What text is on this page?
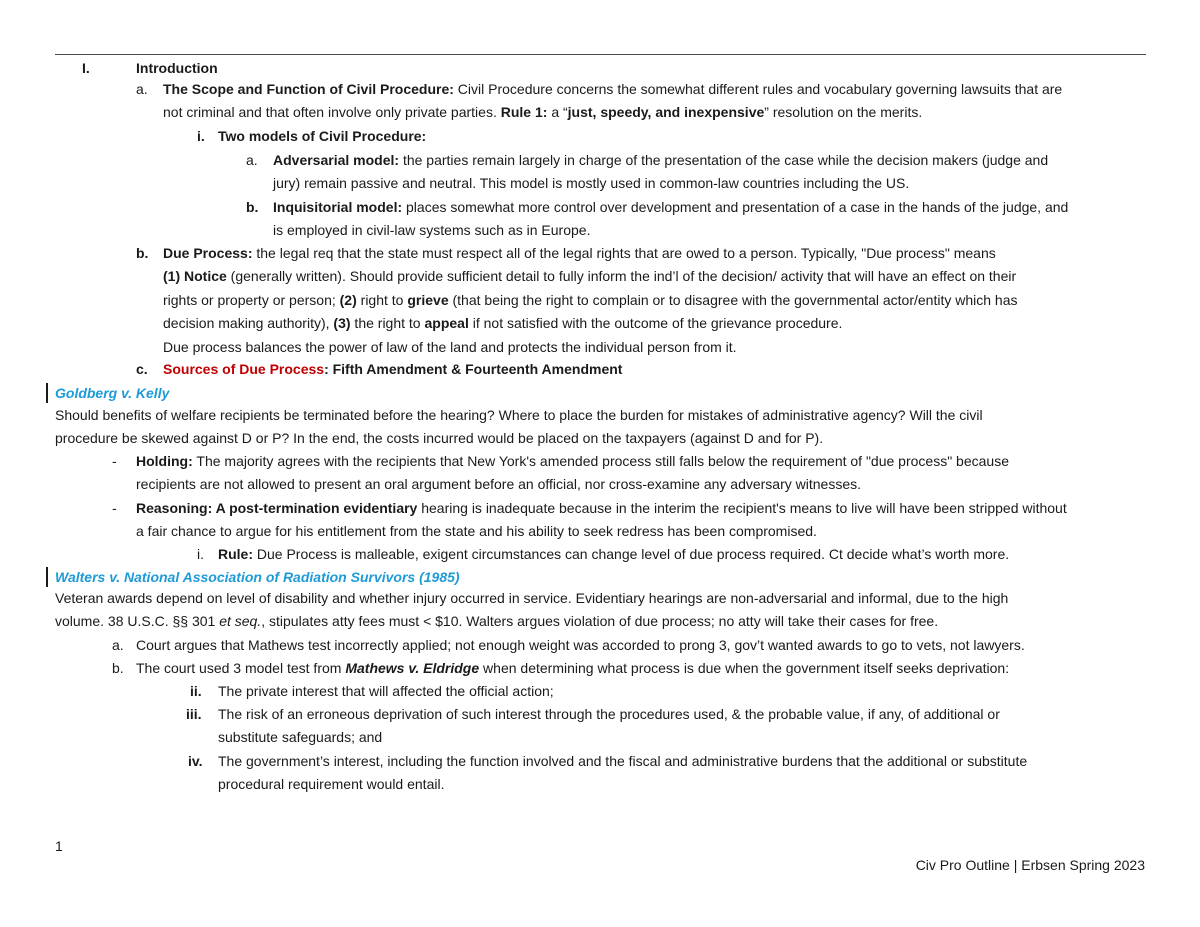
I.	Introduction
a. The Scope and Function of Civil Procedure: Civil Procedure concerns the somewhat different rules and vocabulary governing lawsuits that are
not criminal and that often involve only private parties. Rule 1: a “just, speedy, and inexpensive” resolution on the merits.
i. Two models of Civil Procedure:
a. Adversarial model: the parties remain largely in charge of the presentation of the case while the decision makers (judge and
jury) remain passive and neutral. This model is mostly used in common-law countries including the US.
b. Inquisitorial model: places somewhat more control over development and presentation of a case in the hands of the judge, and
is employed in civil-law systems such as in Europe.
b. Due Process: the legal req that the state must respect all of the legal rights that are owed to a person. Typically, "Due process" means
(1) Notice (generally written). Should provide sufficient detail to fully inform the ind’l of the decision/ activity that will have an effect on their
rights or property or person; (2) right to grieve (that being the right to complain or to disagree with the governmental actor/entity which has
decision making authority), (3) the right to appeal if not satisfied with the outcome of the grievance procedure.
Due process balances the power of law of the land and protects the individual person from it.
c. Sources of Due Process: Fifth Amendment & Fourteenth Amendment
Goldberg v. Kelly
Should benefits of welfare recipients be terminated before the hearing? Where to place the burden for mistakes of administrative agency? Will the civil
procedure be skewed against D or P? In the end, the costs incurred would be placed on the taxpayers (against D and for P).
- Holding: The majority agrees with the recipients that New York's amended process still falls below the requirement of "due process" because
recipients are not allowed to present an oral argument before an official, nor cross-examine any adversary witnesses.
- Reasoning: A post-termination evidentiary hearing is inadequate because in the interim the recipient's means to live will have been stripped without
a fair chance to argue for his entitlement from the state and his ability to seek redress has been compromised.
i. Rule: Due Process is malleable, exigent circumstances can change level of due process required. Ct decide what’s worth more.
Walters v. National Association of Radiation Survivors (1985)
Veteran awards depend on level of disability and whether injury occurred in service. Evidentiary hearings are non-adversarial and informal, due to the high
volume. 38 U.S.C. §§ 301 et seq., stipulates atty fees must < $10. Walters argues violation of due process; no atty will take their cases for free.
a. Court argues that Mathews test incorrectly applied; not enough weight was accorded to prong 3, gov’t wanted awards to go to vets, not lawyers.
b. The court used 3 model test from Mathews v. Eldridge when determining what process is due when the government itself seeks deprivation:
ii. The private interest that will affected the official action;
iii. The risk of an erroneous deprivation of such interest through the procedures used, & the probable value, if any, of additional or
substitute safeguards; and
iv. The government’s interest, including the function involved and the fiscal and administrative burdens that the additional or substitute
procedural requirement would entail.
1
Civ Pro Outline | Erbsen Spring 2023
